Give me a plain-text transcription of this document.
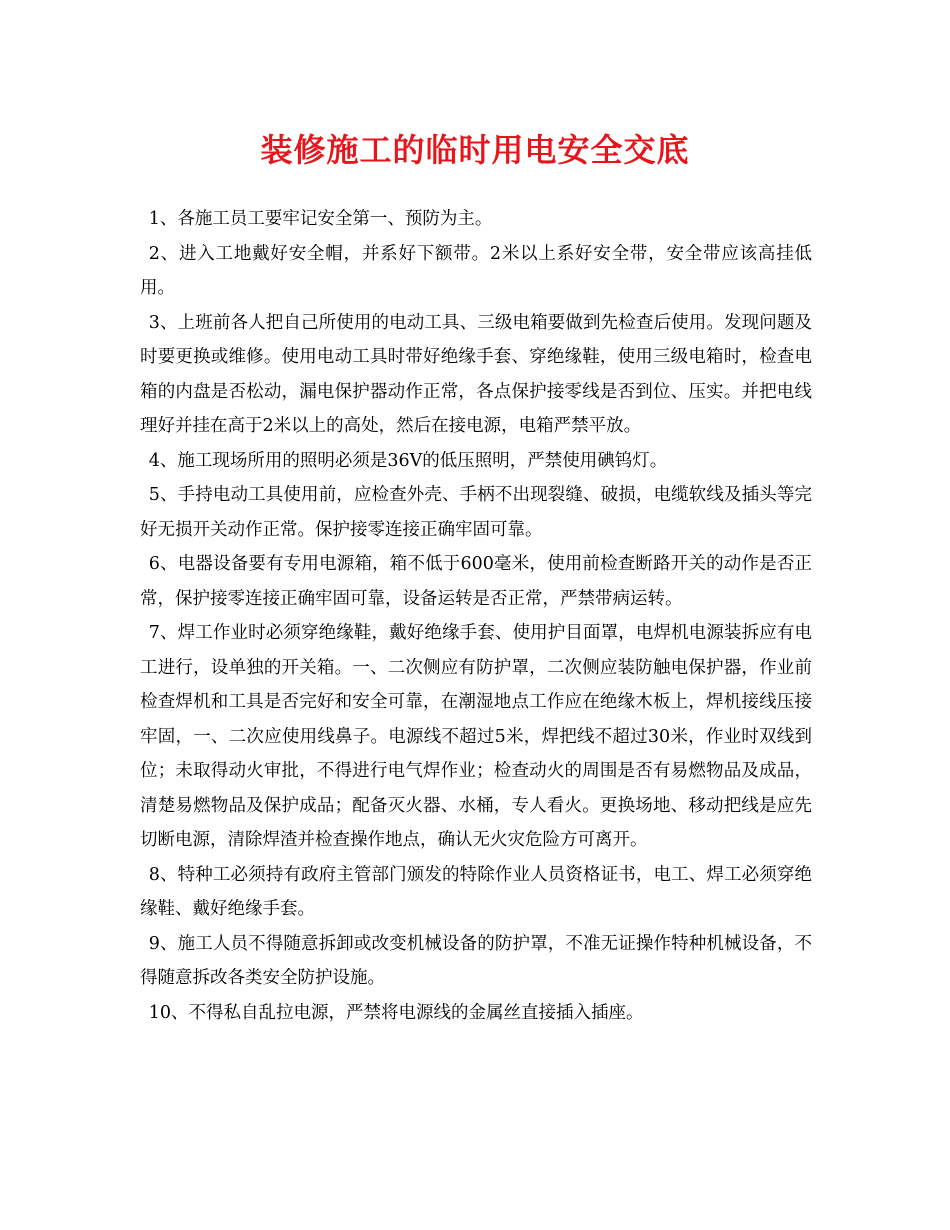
装修施工的临时用电安全交底

1、各施工员工要牢记安全第一、预防为主。

2、进入工地戴好安全帽，并系好下额带。2米以上系好安全带，安全带应该高挂低用。

3、上班前各人把自己所使用的电动工具、三级电箱要做到先检查后使用。发现问题及时要更换或维修。使用电动工具时带好绝缘手套、穿绝缘鞋，使用三级电箱时，检查电箱的内盘是否松动，漏电保护器动作正常，各点保护接零线是否到位、压实。并把电线理好并挂在高于2米以上的高处，然后在接电源，电箱严禁平放。

4、施工现场所用的照明必须是36V的低压照明，严禁使用碘钨灯。

5、手持电动工具使用前，应检查外壳、手柄不出现裂缝、破损，电缆软线及插头等完好无损开关动作正常。保护接零连接正确牢固可靠。

6、电器设备要有专用电源箱，箱不低于600毫米，使用前检查断路开关的动作是否正常，保护接零连接正确牢固可靠，设备运转是否正常，严禁带病运转。

7、焊工作业时必须穿绝缘鞋，戴好绝缘手套、使用护目面罩，电焊机电源装拆应有电工进行，设单独的开关箱。一、二次侧应有防护罩，二次侧应装防触电保护器，作业前检查焊机和工具是否完好和安全可靠，在潮湿地点工作应在绝缘木板上，焊机接线压接牢固，一、二次应使用线鼻子。电源线不超过5米，焊把线不超过30米，作业时双线到位；未取得动火审批，不得进行电气焊作业；检查动火的周围是否有易燃物品及成品，清楚易燃物品及保护成品；配备灭火器、水桶，专人看火。更换场地、移动把线是应先切断电源，清除焊渣并检查操作地点，确认无火灾危险方可离开。

8、特种工必须持有政府主管部门颁发的特除作业人员资格证书，电工、焊工必须穿绝缘鞋、戴好绝缘手套。

9、施工人员不得随意拆卸或改变机械设备的防护罩，不准无证操作特种机械设备，不得随意拆改各类安全防护设施。

10、不得私自乱拉电源，严禁将电源线的金属丝直接插入插座。
